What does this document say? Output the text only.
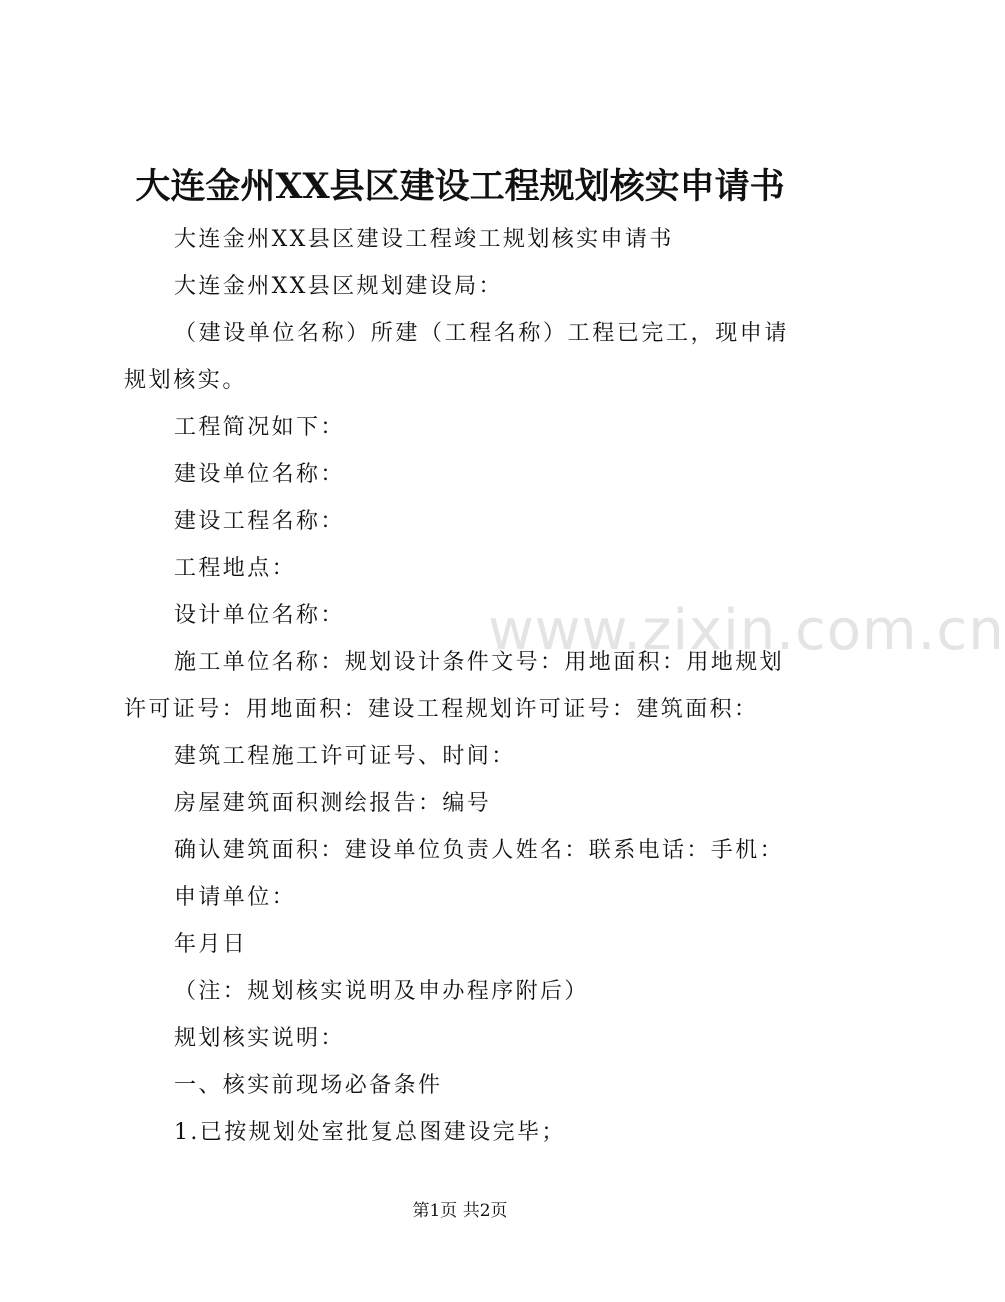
大连金州XX县区建设工程规划核实申请书

大连金州XX县区建设工程竣工规划核实申请书

大连金州XX县区规划建设局：

（建设单位名称）所建（工程名称）工程已完工，现申请规划核实。

工程简况如下：

建设单位名称：

建设工程名称：

工程地点：

设计单位名称：

施工单位名称：规划设计条件文号：用地面积：用地规划许可证号：用地面积：建设工程规划许可证号：建筑面积：

建筑工程施工许可证号、时间：

房屋建筑面积测绘报告：编号

确认建筑面积：建设单位负责人姓名：联系电话：手机：

申请单位：

年月日

（注：规划核实说明及申办程序附后）

规划核实说明：

一、核实前现场必备条件

1.已按规划处室批复总图建设完毕；

www.zixin.com.cn
第1页 共2页
